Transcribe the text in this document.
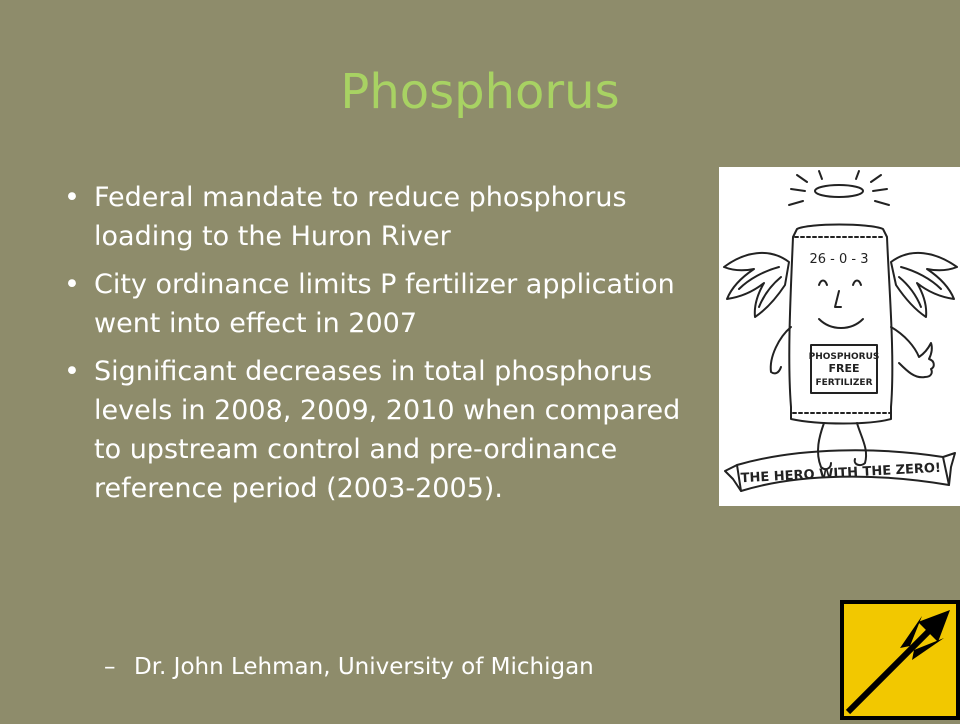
Phosphorus
• Federal mandate to reduce phosphorus loading to the Huron River
• City ordinance limits P fertilizer application went into effect in 2007
• Significant decreases in total phosphorus levels in 2008, 2009, 2010 when compared to upstream control and pre-ordinance reference period (2003-2005).
– Dr. John Lehman, University of Michigan
26 - 0 - 3
PHOSPHORUS
FREE
FERTILIZER
THE HERO WITH THE ZERO!
